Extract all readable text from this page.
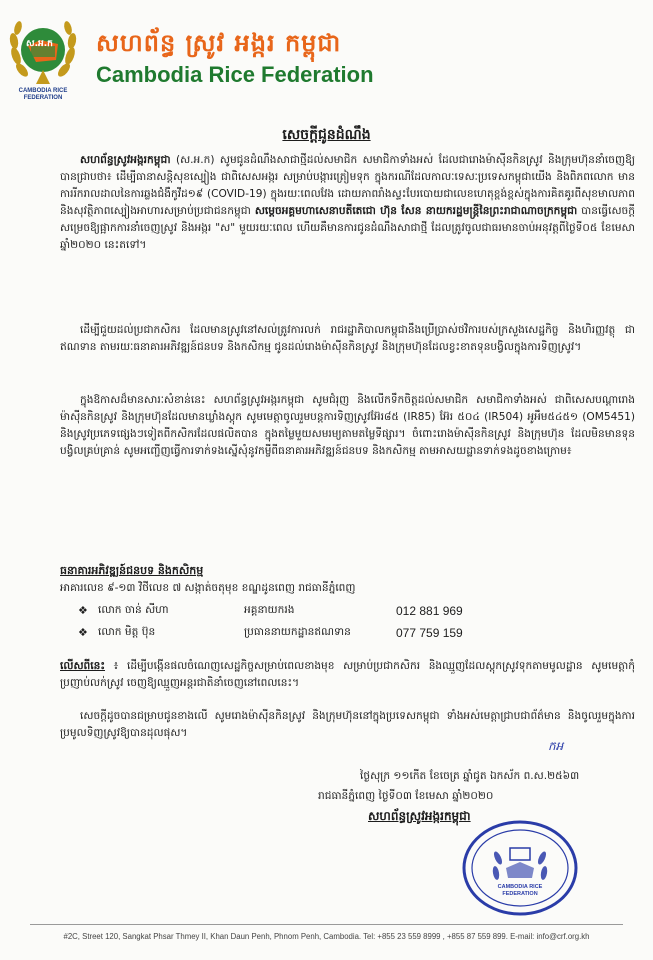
ស.អ.ក
CAMBODIA RICE FEDERATION
សហព័ន្ធ ស្រូវ អង្ករ កម្ពុជា
Cambodia Rice Federation
សេចក្តីជូនដំណឹង
សហព័ន្ធស្រូវអង្ករកម្ពុជា (ស.អ.ក) សូមជូនដំណឹងសាជាថ្មីដល់សមាជិក សមាជិកាទាំងអស់ ដែលជារោងម៉ាស៊ីនកិនស្រូវ និងក្រុមហ៊ុននាំចេញឱ្យបានជ្រាបថា៖ ដើម្បីធានាសន្តិសុខស្បៀង ជាពិសេសអង្ករ សម្រាប់បង្ការត្រៀមទុក ក្នុងករណីដែលកាលៈទេសៈប្រទេសកម្ពុជាយើង និងពិភពលោក មានការរីករាលដាលនៃការឆ្លងជំងឺកូវីដ១៩ (COVID-19) ក្នុងរយៈពេលវែង ដោយភាពរាំងស្ទះបែរបោយជាលេខហេតុខ្ពង់ខ្ពស់ក្នុងការគិតគូរពីសុខមាលភាព និងសុវត្ថិភាពស្បៀងអាហារសម្រាប់ប្រជាជនកម្ពុជា សម្តេចអគ្គមហាសេនាបតីតេជោ ហ៊ុន សែន នាយករដ្ឋមន្ត្រីនៃព្រះរាជាណាចក្រកម្ពុជា បានធ្វើសេចក្តីសម្រេចឱ្យផ្អាកការនាំចេញស្រូវ និងអង្ករ "ស" មួយរយៈពេល ហើយគឺមានការជូនដំណឹងសាជាថ្មី ដែលត្រូវចូលជាធរមានចាប់អនុវត្តពីថ្ងៃទី០៥ ខែមេសា ឆ្នាំ២០២០ នេះតទៅ។
ដើម្បីជួយដល់ប្រជាកសិករ ដែលមានស្រូវនៅសល់ត្រូវការលក់ រាជរដ្ឋាភិបាលកម្ពុជានឹងប្រើប្រាស់ថវិការបស់ក្រសួងសេដ្ឋកិច្ច និងហិរញ្ញវត្ថុ ជាឥណទាន តាមរយៈធនាគារអភិវឌ្ឍន៍ជនបទ និងកសិកម្ម ជូនដល់រោងម៉ាស៊ីនកិនស្រូវ និងក្រុមហ៊ុនដែលខ្វះខាតទុនបង្វិលក្នុងការទិញស្រូវ។
ក្នុងឱកាសដ៏មានសារៈសំខាន់នេះ សហព័ន្ធស្រូវអង្ករកម្ពុជា សូមជំរុញ និងលើកទឹកចិត្តដល់សមាជិក សមាជិកាទាំងអស់ ជាពិសេសបណ្តារោងម៉ាស៊ីនកិនស្រូវ និងក្រុមហ៊ុនដែលមានឃ្លាំងស្តុក សូមមេត្តាចូលរួមបន្តការទិញស្រូវអ៊ែរ៨៥ (IR85) អ៊ែរ ៥០៤ (IR504) អូអឹម៥៤៥១ (OM5451) និងស្រូវប្រភេទផ្សេងៗទៀតពីកសិករដែលផលិតបាន ក្នុងតម្លៃមួយសមរម្យតាមតម្លៃទីផ្សារ។ ចំពោះរោងម៉ាស៊ីនកិនស្រូវ និងក្រុមហ៊ុន ដែលមិនមានទុនបង្វិលគ្រប់គ្រាន់ សូមអញ្ជើញធ្វើការទាក់ទងស្នើសុំនូវកម្ចីពីធនាគារអភិវឌ្ឍន៍ជនបទ និងកសិកម្ម តាមអាសយដ្ឋានទាក់ទងដូចខាងក្រោម៖
ធនាគារអភិវឌ្ឍន៍ជនបទ និងកសិកម្ម
អាគារលេខ ៩-១៣ វិថីលេខ ៧ សង្កាត់ចតុមុខ ខណ្ឌដូនពេញ រាជធានីភ្នំពេញ
❖ លោក ចាន់ សីហា	អគ្គនាយករង	012 881 969
❖ លោក មិត្ត ប៊ុន	ប្រធាននាយកដ្ឋានឥណទាន	077 759 159
លើសពីនេះ ៖ ដើម្បីបង្កើនផលចំណេញសេដ្ឋកិច្ចសម្រាប់ពេលខាងមុខ សម្រាប់ប្រជាកសិករ និងឈ្មួញដែលស្តុកស្រូវទុកតាមមូលដ្ឋាន សូមមេត្តាកុំប្រញាប់លក់ស្រូវ ចេញឱ្យឈ្មួញអន្តរជាតិនាំចេញនៅពេលនេះ។
សេចក្តីដូចបានជម្រាបជូនខាងលើ សូមរោងម៉ាស៊ីនកិនស្រូវ និងក្រុមហ៊ុននៅក្នុងប្រទេសកម្ពុជា ទាំងអស់មេត្តាជ្រាបជាព័ត៌មាន និងចូលរួមក្នុងការប្រមូលទិញស្រូវឱ្យបានដុលផុស។
កអ
ថ្ងៃសុក្រ ១១កើត ខែចេត្រ ឆ្នាំជូត ឯកស័ក ព.ស.២៥៦៣
រាជធានីភ្នំពេញ ថ្ងៃទី០៣ ខែមេសា ឆ្នាំ២០២០
សហព័ន្ធស្រូវអង្ករកម្ពុជា
CAMBODIA RICE FEDERATION
#2C, Street 120, Sangkat Phsar Thmey II, Khan Daun Penh, Phnom Penh, Cambodia. Tel: +855 23 559 8999 , +855 87 559 899. E-mail: info@crf.org.kh
